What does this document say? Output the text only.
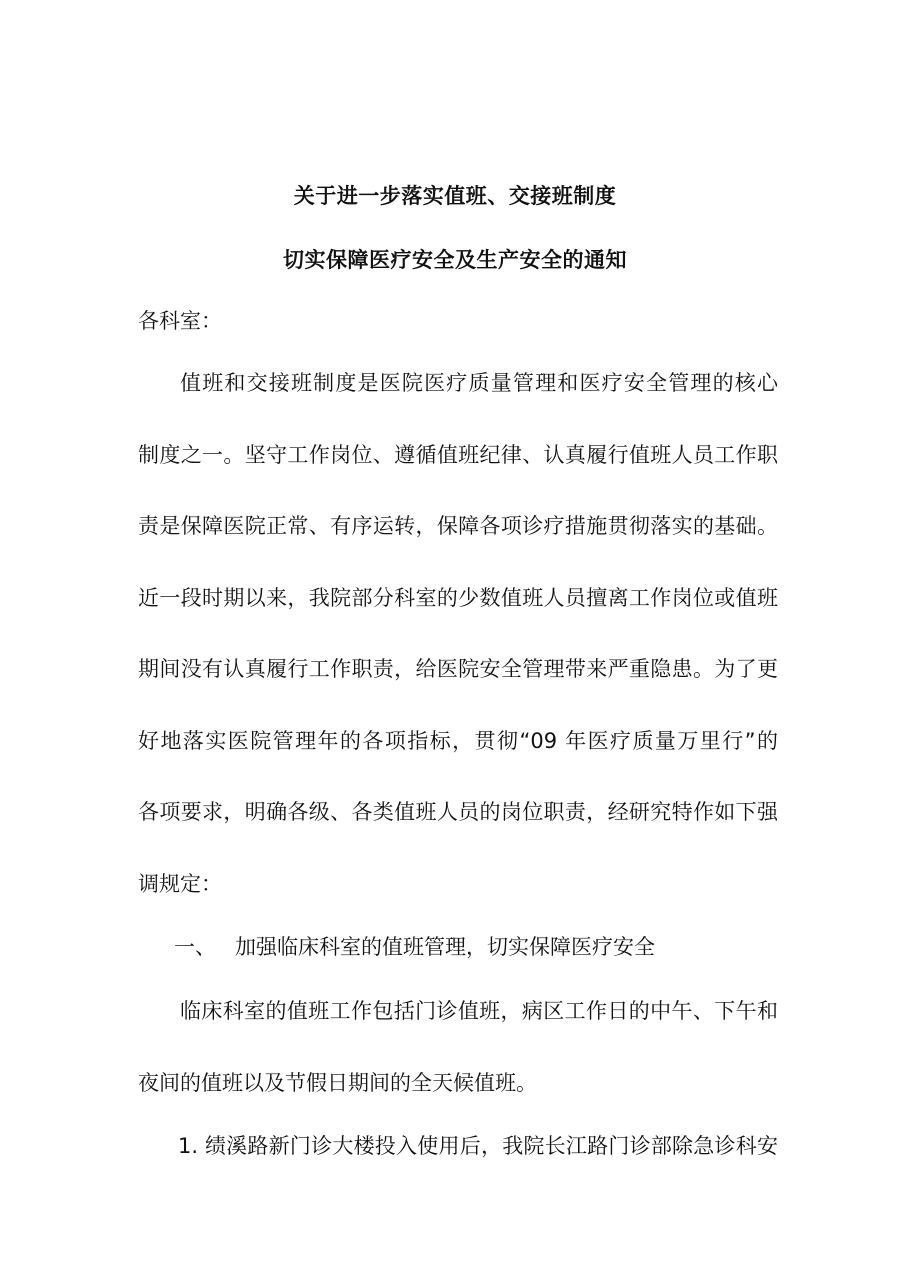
关于进一步落实值班、交接班制度
切实保障医疗安全及生产安全的通知
各科室：
值班和交接班制度是医院医疗质量管理和医疗安全管理的核心
制度之一。坚守工作岗位、遵循值班纪律、认真履行值班人员工作职
责是保障医院正常、有序运转，保障各项诊疗措施贯彻落实的基础。
近一段时期以来，我院部分科室的少数值班人员擅离工作岗位或值班
期间没有认真履行工作职责，给医院安全管理带来严重隐患。为了更
好地落实医院管理年的各项指标，贯彻“09 年医疗质量万里行”的
各项要求，明确各级、各类值班人员的岗位职责，经研究特作如下强
调规定：
一、 加强临床科室的值班管理，切实保障医疗安全
临床科室的值班工作包括门诊值班，病区工作日的中午、下午和
夜间的值班以及节假日期间的全天候值班。
1. 绩溪路新门诊大楼投入使用后，我院长江路门诊部除急诊科安
